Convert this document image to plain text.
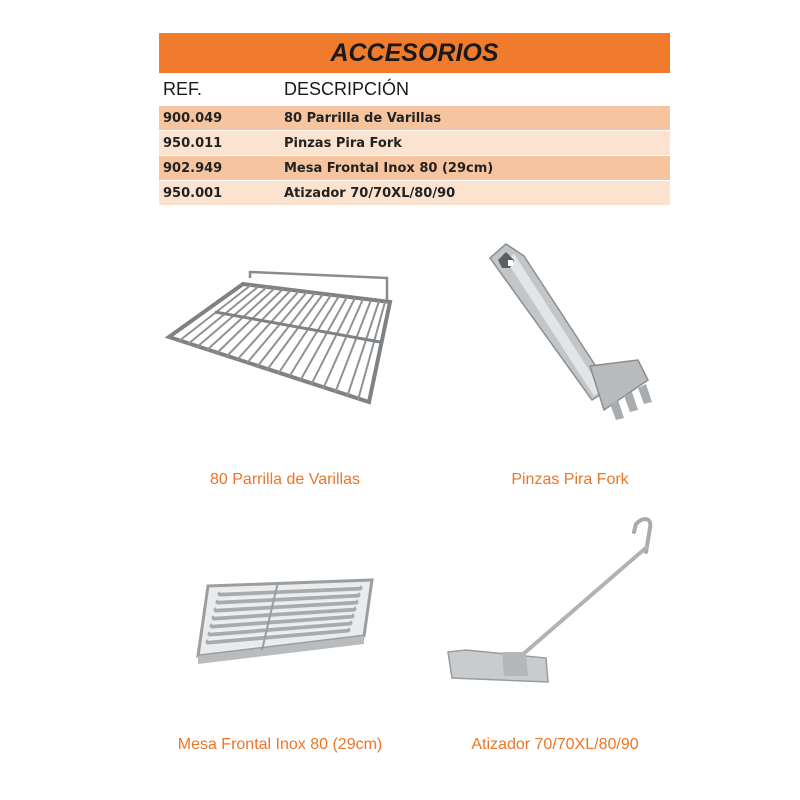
ACCESORIOS
REF.	DESCRIPCIÓN
900.049	80 Parrilla de Varillas
950.011	Pinzas Pira Fork
902.949	Mesa Frontal Inox 80 (29cm)
950.001	Atizador 70/70XL/80/90
80 Parrilla de Varillas	Pinzas Pira Fork
Mesa Frontal Inox 80 (29cm)	Atizador 70/70XL/80/90
